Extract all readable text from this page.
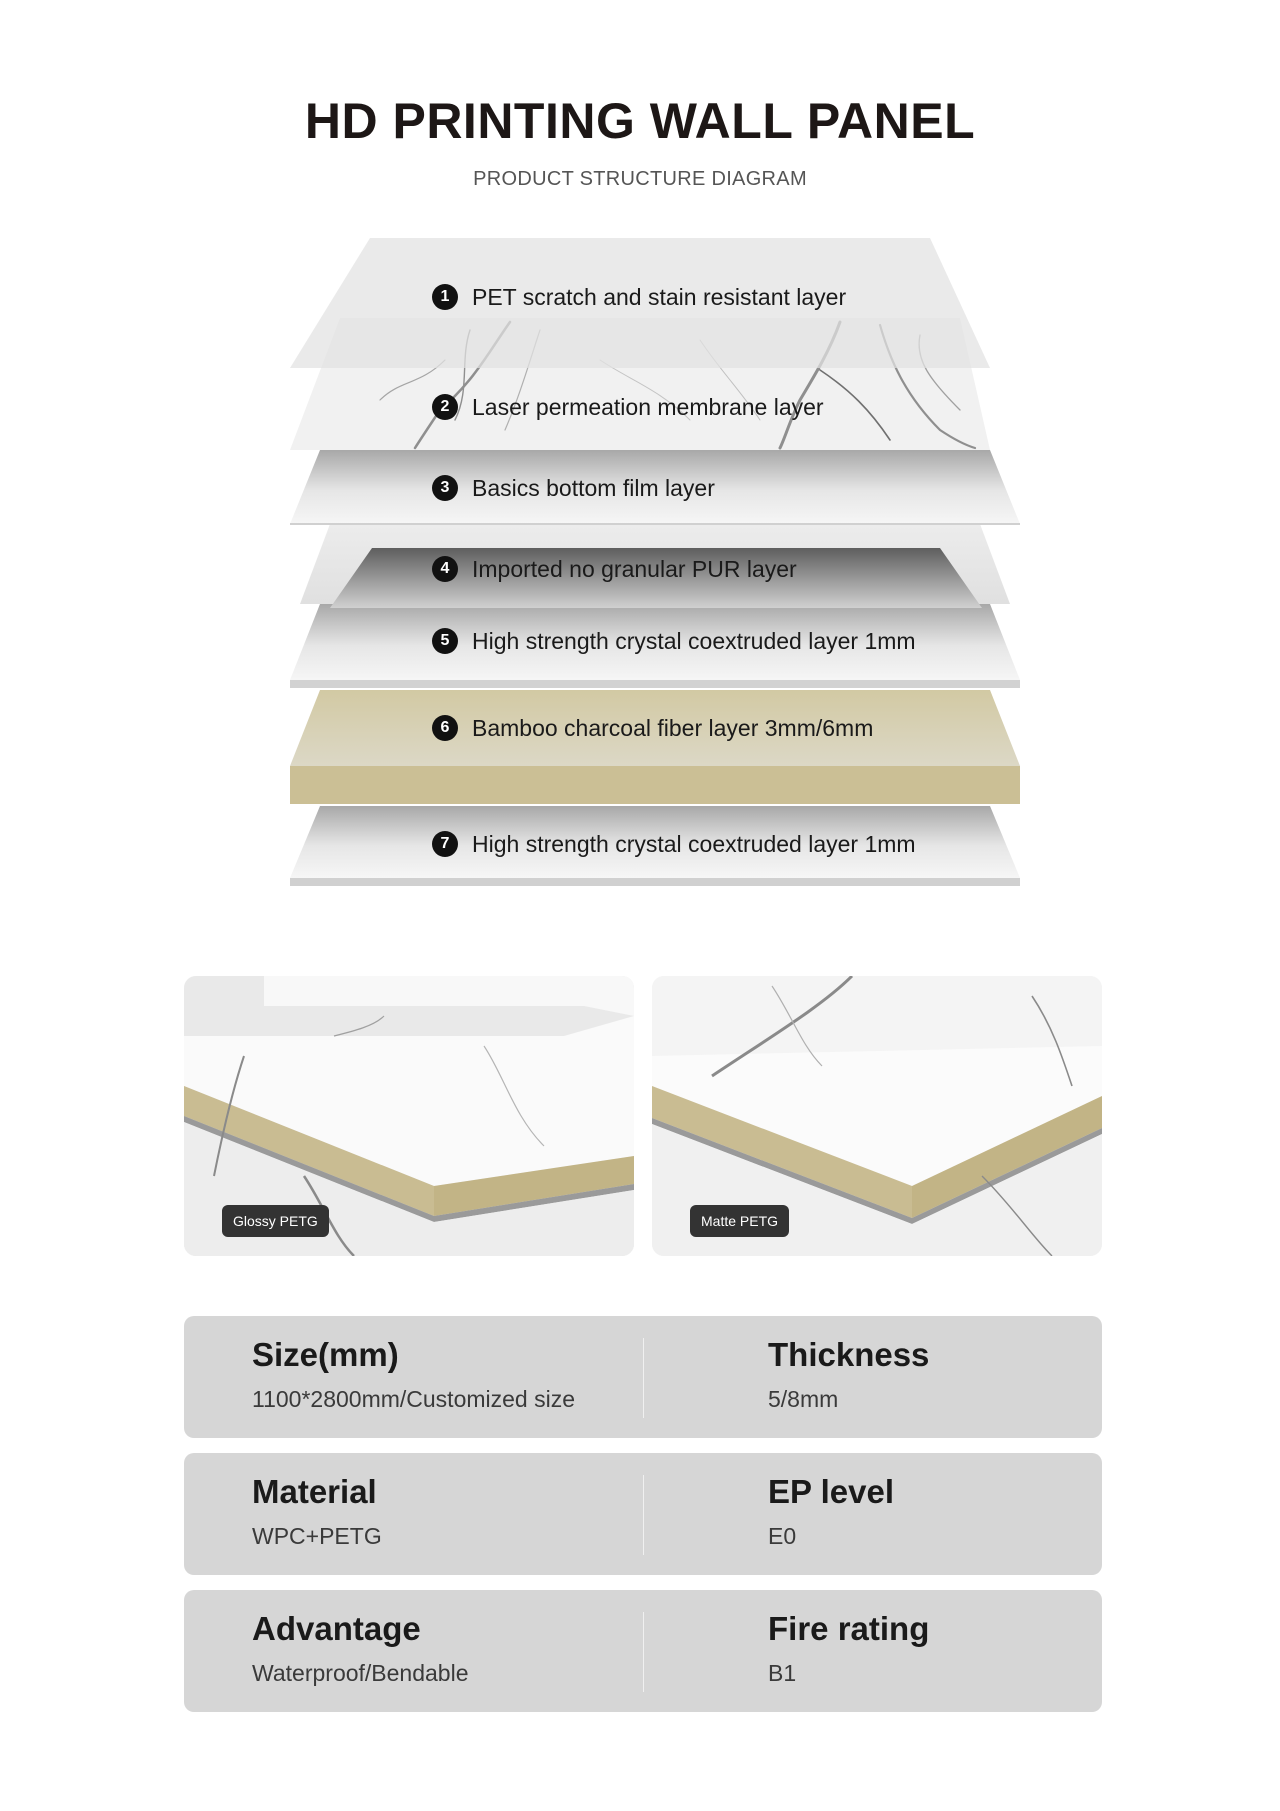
HD PRINTING WALL PANEL
PRODUCT STRUCTURE DIAGRAM
1 PET scratch and stain resistant layer
2 Laser permeation membrane layer
3 Basics bottom film layer
4 Imported no granular PUR layer
5 High strength crystal coextruded layer 1mm
6 Bamboo charcoal fiber layer 3mm/6mm
7 High strength crystal coextruded layer 1mm
Glossy PETG	Matte PETG
Size(mm)
1100*2800mm/Customized size
Thickness
5/8mm
Material
WPC+PETG
EP level
E0
Advantage
Waterproof/Bendable
Fire rating
B1
